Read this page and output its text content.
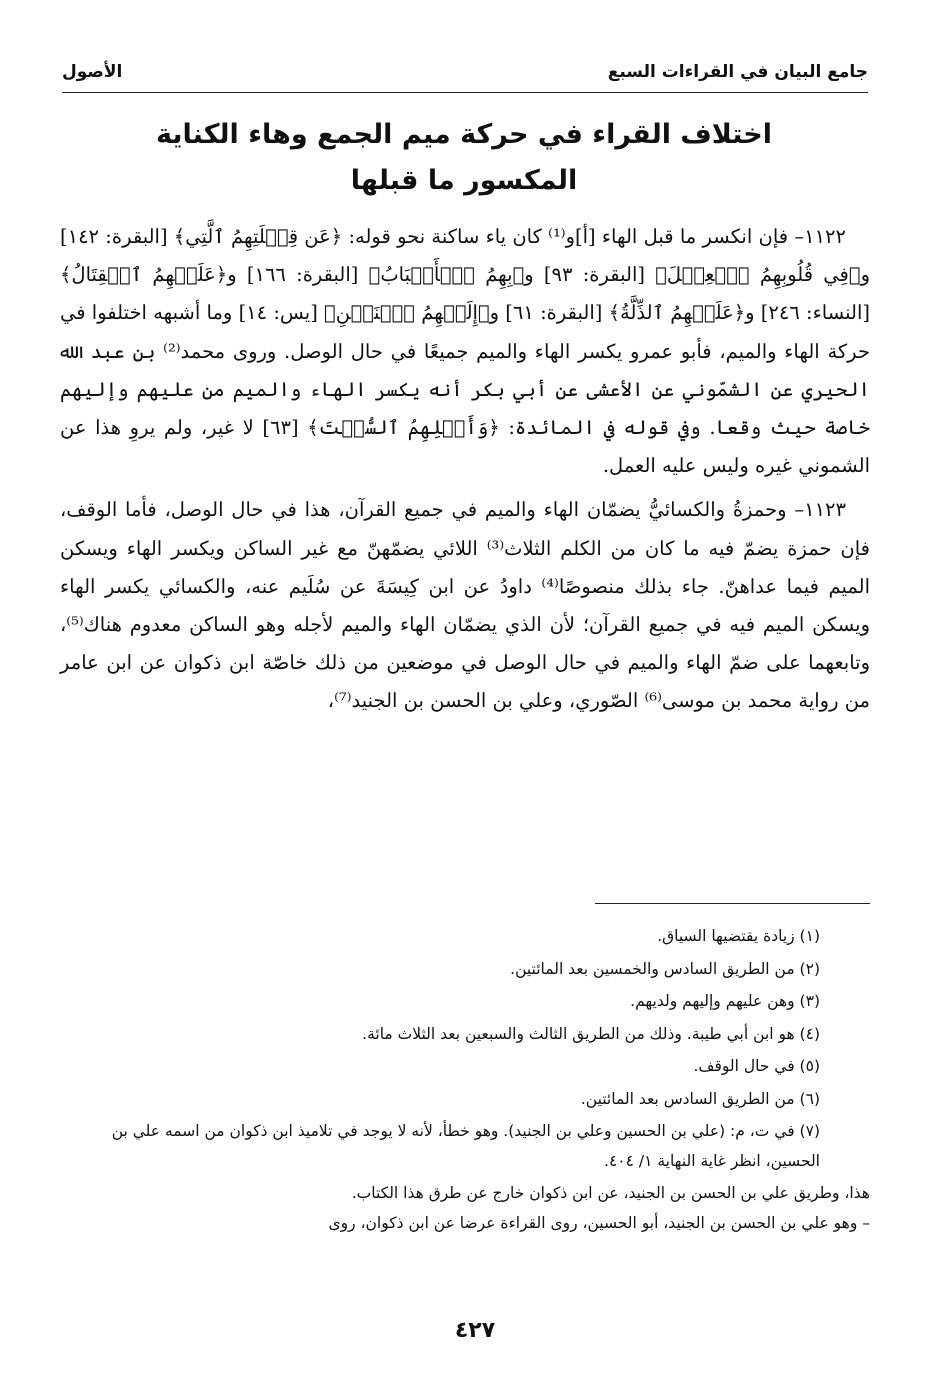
جامع البيان في القراءات السبع
الأصول
اختلاف القراء في حركة ميم الجمع وهاء الكناية
المكسور ما قبلها

١١٢٢– فإن انكسر ما قبل الهاء [أ]و⁽¹⁾ كان ياء ساكنة نحو قوله: ﴿عَن قِبۡلَتِهِمُ ٱلَّتِي﴾ [البقرة: ١٤٢] و﴿فِي قُلُوبِهِمُ ٱلۡعِجۡلَ﴾ [البقرة: ٩٣] و﴿بِهِمُ ٱلۡأَسۡبَابُ﴾ [البقرة: ١٦٦] و﴿عَلَيۡهِمُ ٱلۡقِتَالُ﴾ [النساء: ٢٤٦] و﴿عَلَيۡهِمُ ٱلذِّلَّةُ﴾ [البقرة: ٦١] و﴿إِلَيۡهِمُ ٱثۡنَيۡنِ﴾ [يس: ١٤] وما أشبهه اختلفوا في حركة الهاء والميم، فأبو عمرو يكسر الهاء والميم جميعًا في حال الوصل. وروى محمد⁽²⁾ بن عبد الله الحيري عن الشمّوني عن الأعشى عن أبي بكر أنه يكسر الهاء والميم من عليهم وإليهم خاصة حيث وقعا. وفي قوله في المائدة: ﴿وَأَكۡلِهِمُ ٱلسُّحۡتَ﴾ [٦٣] لا غير، ولم يروِ هذا عن الشموني غيره وليس عليه العمل.

١١٢٣– وحمزةُ والكسائيُّ يضمّان الهاء والميم في جميع القرآن، هذا في حال الوصل، فأما الوقف، فإن حمزة يضمّ فيه ما كان من الكلم الثلاث⁽³⁾ اللائي يضمّهنّ مع غير الساكن ويكسر الهاء ويسكن الميم فيما عداهنّ. جاء بذلك منصوصًا⁽⁴⁾ داودُ عن ابن كِيسَةَ عن سُلَيم عنه، والكسائي يكسر الهاء ويسكن الميم فيه في جميع القرآن؛ لأن الذي يضمّان الهاء والميم لأجله وهو الساكن معدوم هناك⁽⁵⁾، وتابعهما على ضمّ الهاء والميم في حال الوصل في موضعين من ذلك خاصّة ابن ذكوان عن ابن عامر من رواية محمد بن موسى⁽⁶⁾ الصّوري، وعلي بن الحسن بن الجنيد⁽⁷⁾،

(١) زيادة يقتضيها السياق.

(٢) من الطريق السادس والخمسين بعد المائتين.

(٣) وهن عليهم وإليهم ولديهم.

(٤) هو ابن أبي طيبة. وذلك من الطريق الثالث والسبعين بعد الثلاث مائة.

(٥) في حال الوقف.

(٦) من الطريق السادس بعد المائتين.

(٧) في ت، م: (علي بن الحسين وعلي بن الجنيد). وهو خطأ، لأنه لا يوجد في تلاميذ ابن ذكوان من اسمه علي بن الحسين، انظر غاية النهاية ١/ ٤٠٤.

هذا، وطريق علي بن الحسن بن الجنيد، عن ابن ذكوان خارج عن طرق هذا الكتاب.

– وهو علي بن الحسن بن الجنيد، أبو الحسين، روى القراءة عرضا عن ابن ذكوان، روى

٤٢٧
